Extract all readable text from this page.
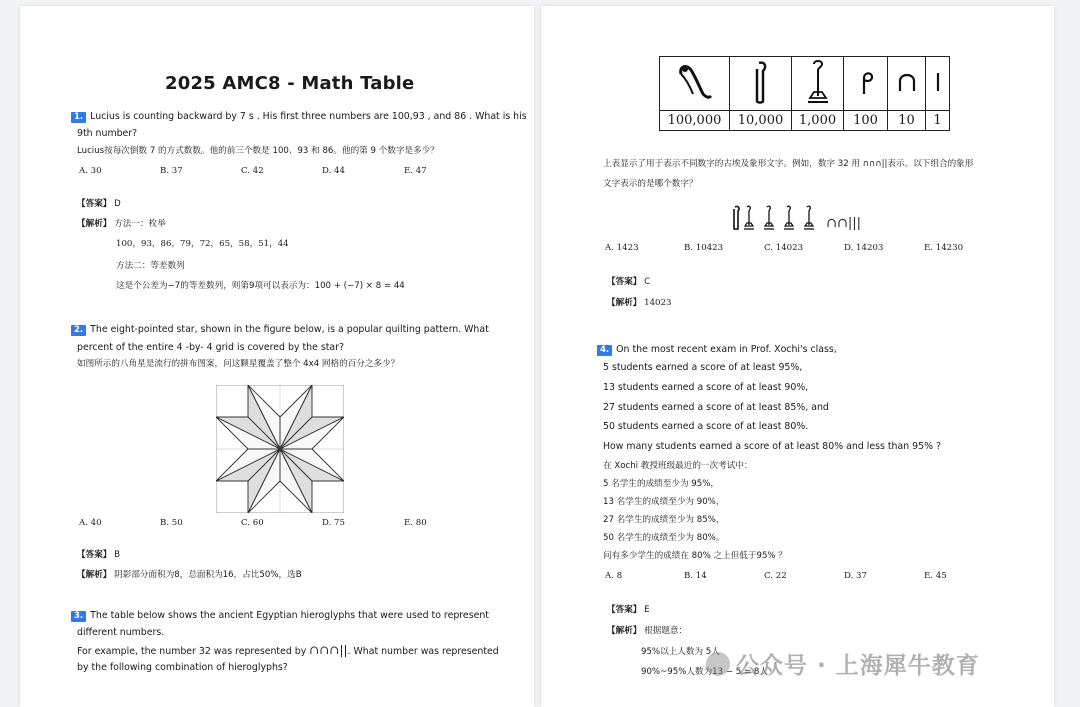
2025 AMC8 - Math Table
1. Lucius is counting backward by 7 s . His first three numbers are 100,93 , and 86 . What is his
9th number?
Lucius按每次倒数 7 的方式数数。他的前三个数是 100、93 和 86。他的第 9 个数字是多少？
A. 30	B. 37	C. 42	D. 44	E. 47
【答案】 D
【解析】 方法一：枚举
100，93，86，79，72，65，58，51，44
方法二：等差数列
这是个公差为−7的等差数列，则第9项可以表示为：100 + (−7) × 8 = 44
2. The eight-pointed star, shown in the figure below, is a popular quilting pattern. What
percent of the entire 4 -by- 4 grid is covered by the star?
如图所示的八角星是流行的拼布图案，问这颗星覆盖了整个 4x4 网格的百分之多少？
A. 40	B. 50	C. 60	D. 75	E. 80
【答案】 B
【解析】 阴影部分面积为8，总面积为16，占比50%，选B
3. The table below shows the ancient Egyptian hieroglyphs that were used to represent
different numbers.
For example, the number 32 was represented by ∩∩∩||. What number was represented
by the following combination of hieroglyphs?

100,000	10,000	1,000	100	10	1
上表显示了用于表示不同数字的古埃及象形文字。例如，数字 32 用 ∩∩∩||表示。以下组合的象形
文字表示的是哪个数字？
∩∩|||
A. 1423	B. 10423	C. 14023	D. 14203	E. 14230
【答案】 C
【解析】 14023
4. On the most recent exam in Prof. Xochi's class,
5 students earned a score of at least 95%,
13 students earned a score of at least 90%,
27 students earned a score of at least 85%, and
50 students earned a score of at least 80%.
How many students earned a score of at least 80% and less than 95% ?
在 Xochi 教授班级最近的一次考试中：
5 名学生的成绩至少为 95%，
13 名学生的成绩至少为 90%，
27 名学生的成绩至少为 85%，
50 名学生的成绩至少为 80%。
问有多少学生的成绩在 80% 之上但低于95% ？
A. 8	B. 14	C. 22	D. 37	E. 45
【答案】 E
【解析】 根据题意：
95%以上人数为 5人
90%~95%人数为13 − 5 = 8人
公众号 · 上海犀牛教育
